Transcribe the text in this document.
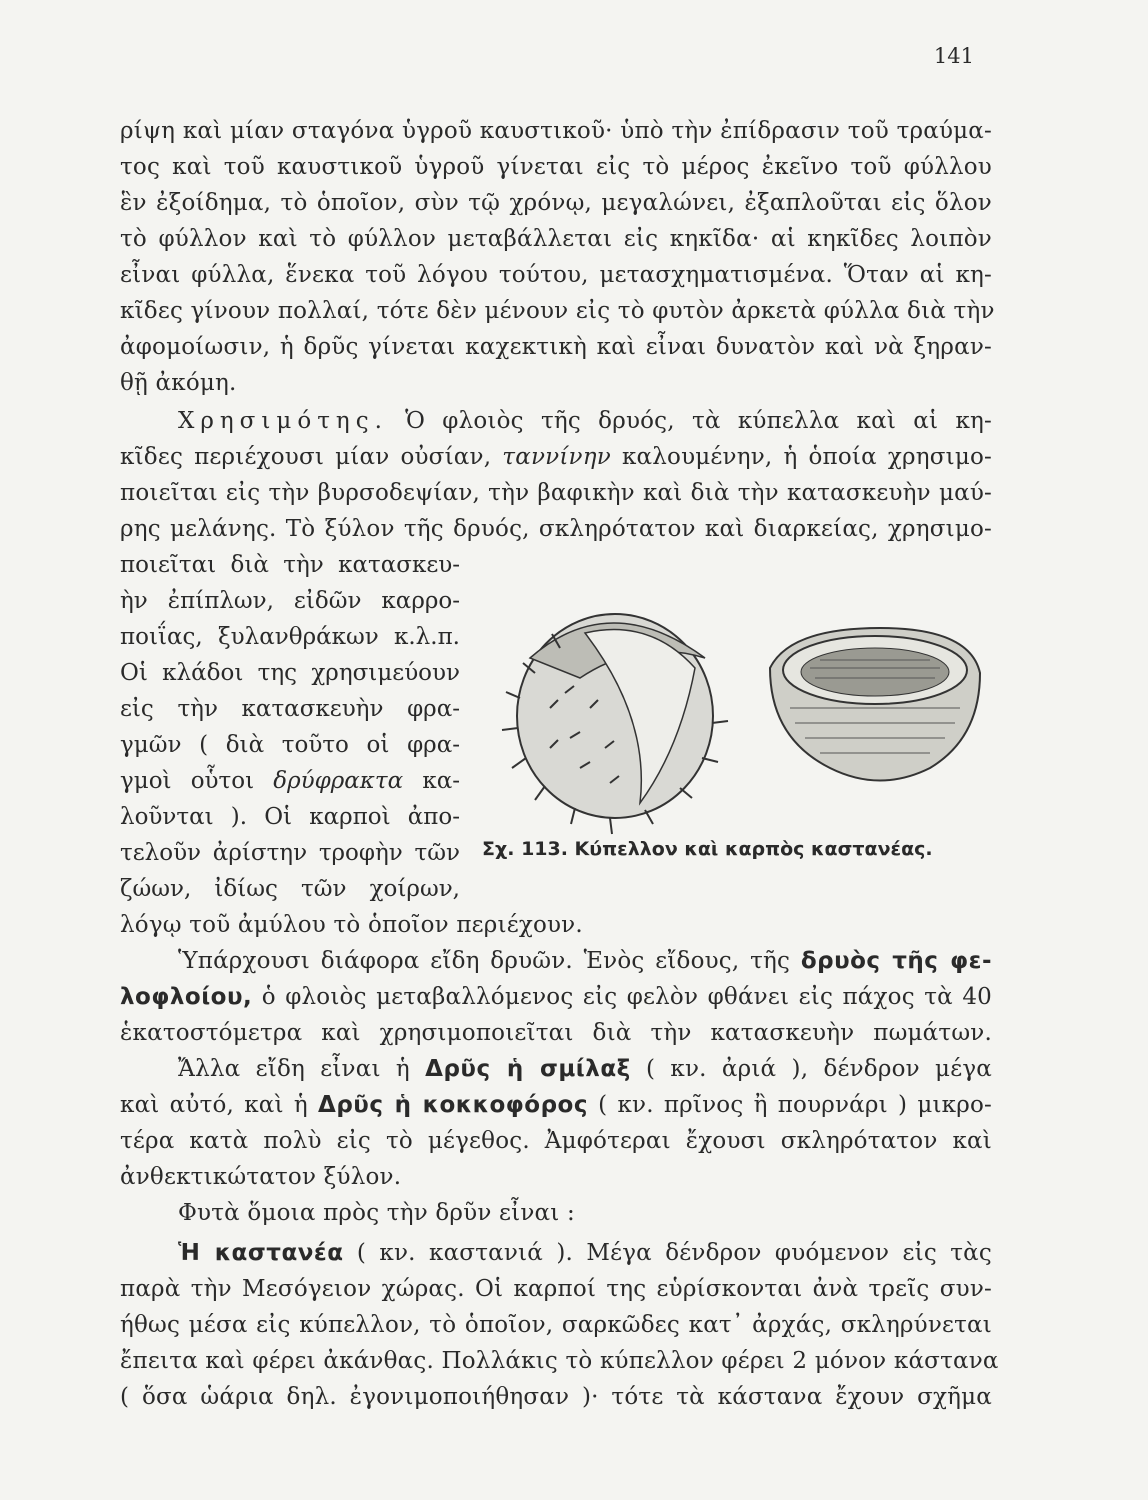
141
ρίψη καὶ μίαν σταγόνα ὑγροῦ καυστικοῦ· ὑπὸ τὴν ἐπίδρασιν τοῦ τραύμα-
τος καὶ τοῦ καυστικοῦ ὑγροῦ γίνεται εἰς τὸ μέρος ἐκεῖνο τοῦ φύλλου
ἓν ἐξοίδημα, τὸ ὁποῖον, σὺν τῷ χρόνῳ, μεγαλώνει, ἐξαπλοῦται εἰς ὅλον
τὸ φύλλον καὶ τὸ φύλλον μεταβάλλεται εἰς κηκῖδα· αἱ κηκῖδες λοιπὸν
εἶναι φύλλα, ἕνεκα τοῦ λόγου τούτου, μετασχηματισμένα. Ὅταν αἱ κη-
κῖδες γίνουν πολλαί, τότε δὲν μένουν εἰς τὸ φυτὸν ἀρκετὰ φύλλα διὰ τὴν
ἀφομοίωσιν, ἡ δρῦς γίνεται καχεκτικὴ καὶ εἶναι δυνατὸν καὶ νὰ ξηραν-
θῇ ἀκόμη.
Χρησιμότης. Ὁ φλοιὸς τῆς δρυός, τὰ κύπελλα καὶ αἱ κη-
κῖδες περιέχουσι μίαν οὐσίαν, ταννίνην καλουμένην, ἡ ὁποία χρησιμο-
ποιεῖται εἰς τὴν βυρσοδεψίαν, τὴν βαφικὴν καὶ διὰ τὴν κατασκευὴν μαύ-
ρης μελάνης. Τὸ ξύλον τῆς δρυός, σκληρότατον καὶ διαρκείας, χρησιμο-
ποιεῖται διὰ τὴν κατασκευ-
ὴν ἐπίπλων, εἰδῶν καρρο-
ποιΐας, ξυλανθράκων κ.λ.π.
Οἱ κλάδοι της χρησιμεύουν
εἰς τὴν κατασκευὴν φρα-
γμῶν ( διὰ τοῦτο οἱ φρα-
γμοὶ οὗτοι δρύφρακτα κα-
λοῦνται ). Οἱ καρποὶ ἀπο-
τελοῦν ἀρίστην τροφὴν τῶν
ζώων, ἰδίως τῶν χοίρων,
λόγῳ τοῦ ἀμύλου τὸ ὁποῖον περιέχουν.
Σχ. 113. Κύπελλον καὶ καρπὸς καστανέας.
Ὑπάρχουσι διάφορα εἴδη δρυῶν. Ἑνὸς εἴδους, τῆς δρυὸς τῆς φε-
λοφλοίου, ὁ φλοιὸς μεταβαλλόμενος εἰς φελὸν φθάνει εἰς πάχος τὰ 40
ἑκατοστόμετρα καὶ χρησιμοποιεῖται διὰ τὴν κατασκευὴν πωμάτων.
Ἄλλα εἴδη εἶναι ἡ Δρῦς ἡ σμίλαξ ( κν. ἀριά ), δένδρον μέγα
καὶ αὐτό, καὶ ἡ Δρῦς ἡ κοκκοφόρος ( κν. πρῖνος ἢ πουρνάρι ) μικρο-
τέρα κατὰ πολὺ εἰς τὸ μέγεθος. Ἀμφότεραι ἔχουσι σκληρότατον καὶ
ἀνθεκτικώτατον ξύλον.
Φυτὰ ὅμοια πρὸς τὴν δρῦν εἶναι :
Ἡ καστανέα ( κν. καστανιά ). Μέγα δένδρον φυόμενον εἰς τὰς
παρὰ τὴν Μεσόγειον χώρας. Οἱ καρποί της εὑρίσκονται ἀνὰ τρεῖς συν-
ήθως μέσα εἰς κύπελλον, τὸ ὁποῖον, σαρκῶδες κατ᾽ ἀρχάς, σκληρύνεται
ἔπειτα καὶ φέρει ἀκάνθας. Πολλάκις τὸ κύπελλον φέρει 2 μόνον κάστανα
( ὅσα ὡάρια δηλ. ἐγονιμοποιήθησαν )· τότε τὰ κάστανα ἔχουν σχῆμα
